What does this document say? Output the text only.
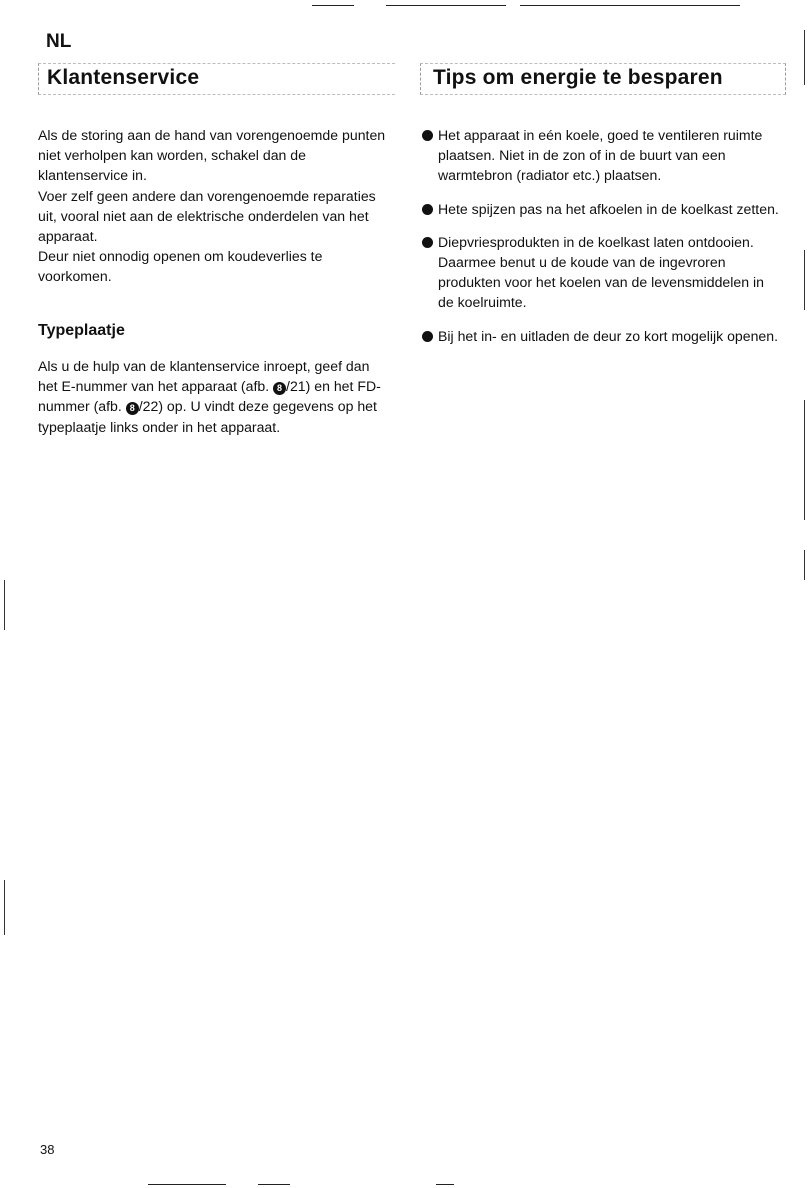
NL
Klantenservice	Tips om energie te besparen

Als de storing aan de hand van vorengenoemde punten niet verholpen kan worden, schakel dan de klantenservice in.

Voer zelf geen andere dan vorengenoemde reparaties uit, vooral niet aan de elektrische onderdelen van het apparaat.

Deur niet onnodig openen om koudeverlies te voorkomen.

Typeplaatje

Als u de hulp van de klantenservice inroept, geef dan het E-nummer van het apparaat (afb. 8 /21) en het FD-nummer (afb. 8 /22) op. U vindt deze gegevens op het typeplaatje links onder in het apparaat.

Het apparaat in eén koele, goed te ventileren ruimte plaatsen. Niet in de zon of in de buurt van een warmtebron (radiator etc.) plaatsen.
Hete spijzen pas na het afkoelen in de koelkast zetten.
Diepvriesprodukten in de koelkast laten ontdooien. Daarmee benut u de koude van de ingevroren produkten voor het koelen van de levensmiddelen in de koelruimte.
Bij het in- en uitladen de deur zo kort mogelijk openen.
38
